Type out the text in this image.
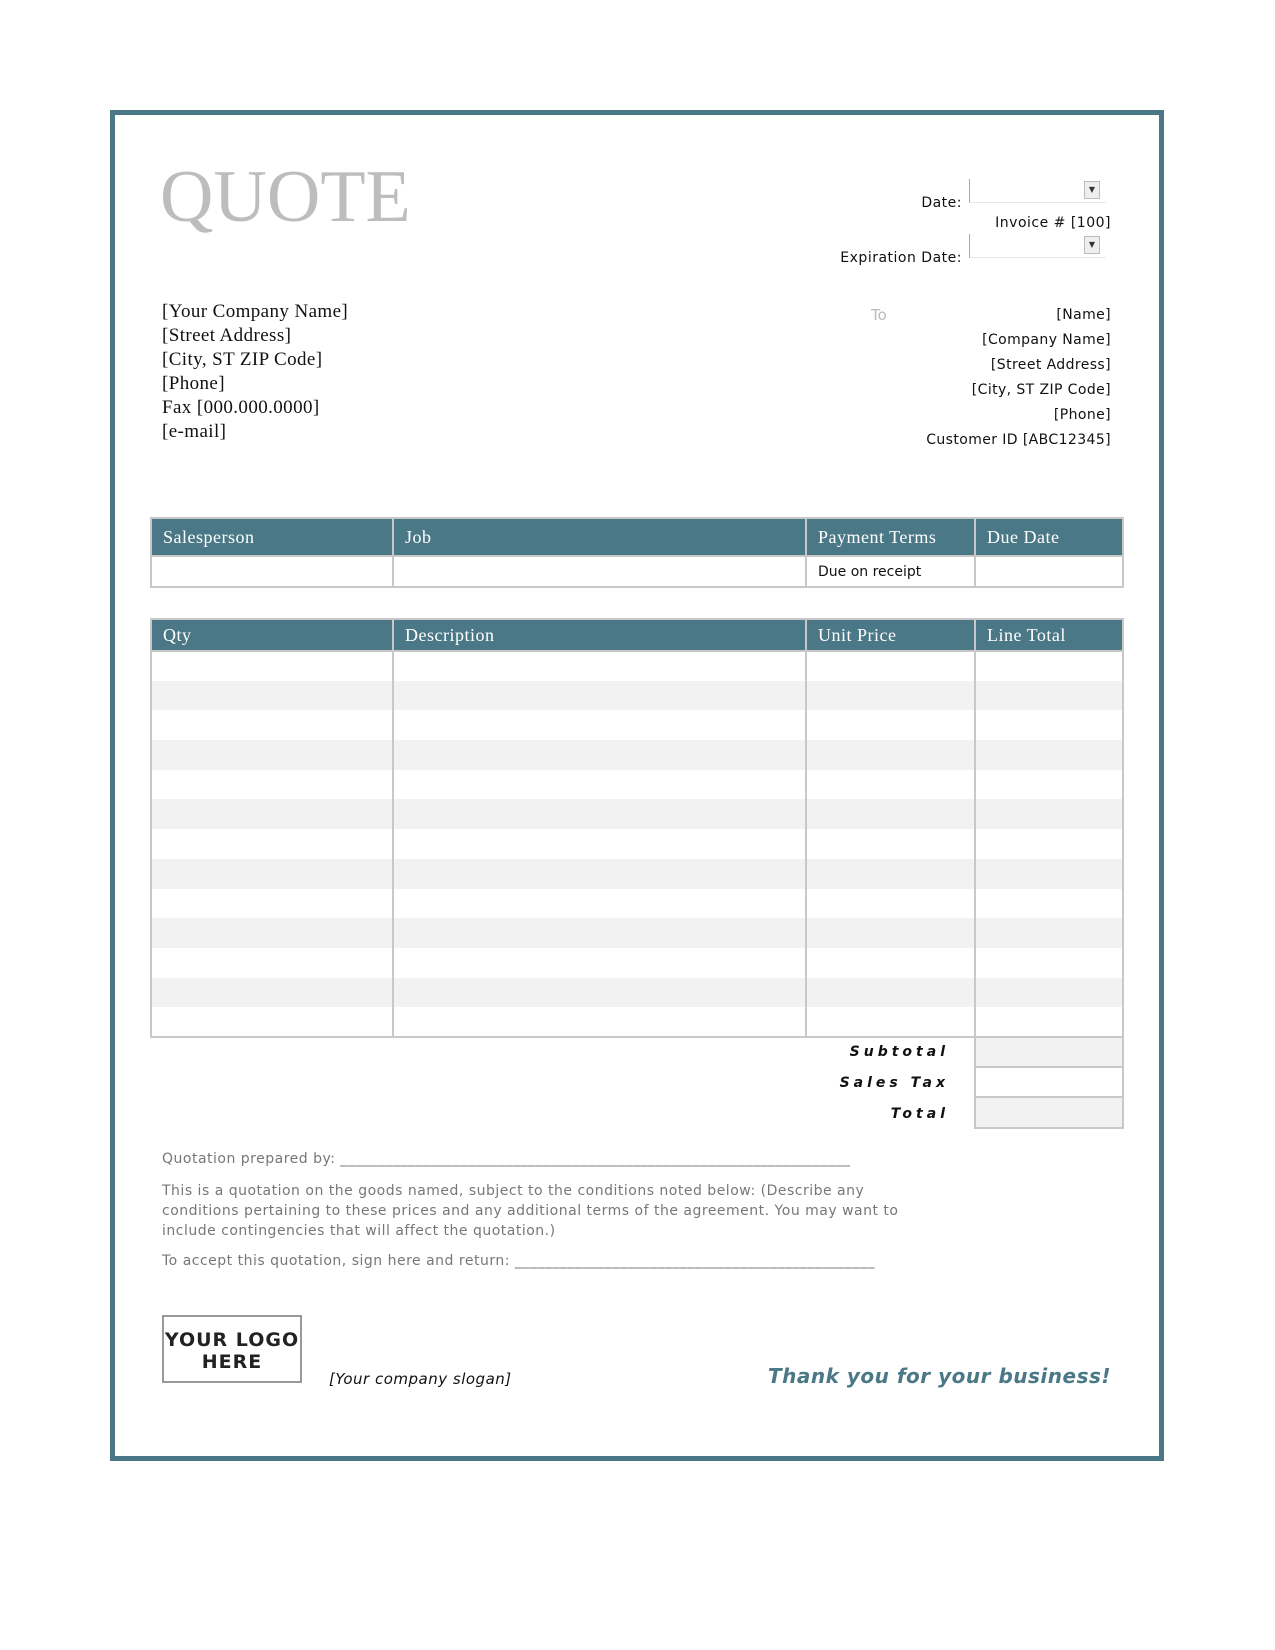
QUOTE	Date:
▼
Invoice # [100]
Expiration Date:
▼
[Your Company Name]
[Street Address]
[City, ST ZIP Code]
[Phone]
Fax [000.000.0000]
[e-mail]
To	[Name]
[Company Name]
[Street Address]
[City, ST ZIP Code]
[Phone]
Customer ID [ABC12345]
Salesperson	Job	Payment Terms	Due Date
		Due on receipt	
Qty	Description	Unit Price	Line Total

Subtotal
Sales Tax
Total
Quotation prepared by: ____________________________________________________________________
This is a quotation on the goods named, subject to the conditions noted below: (Describe any conditions pertaining to these prices and any additional terms of the agreement. You may want to include contingencies that will affect the quotation.)
To accept this quotation, sign here and return: ________________________________________________
YOUR LOGO HERE
[Your company slogan]	Thank you for your business!
